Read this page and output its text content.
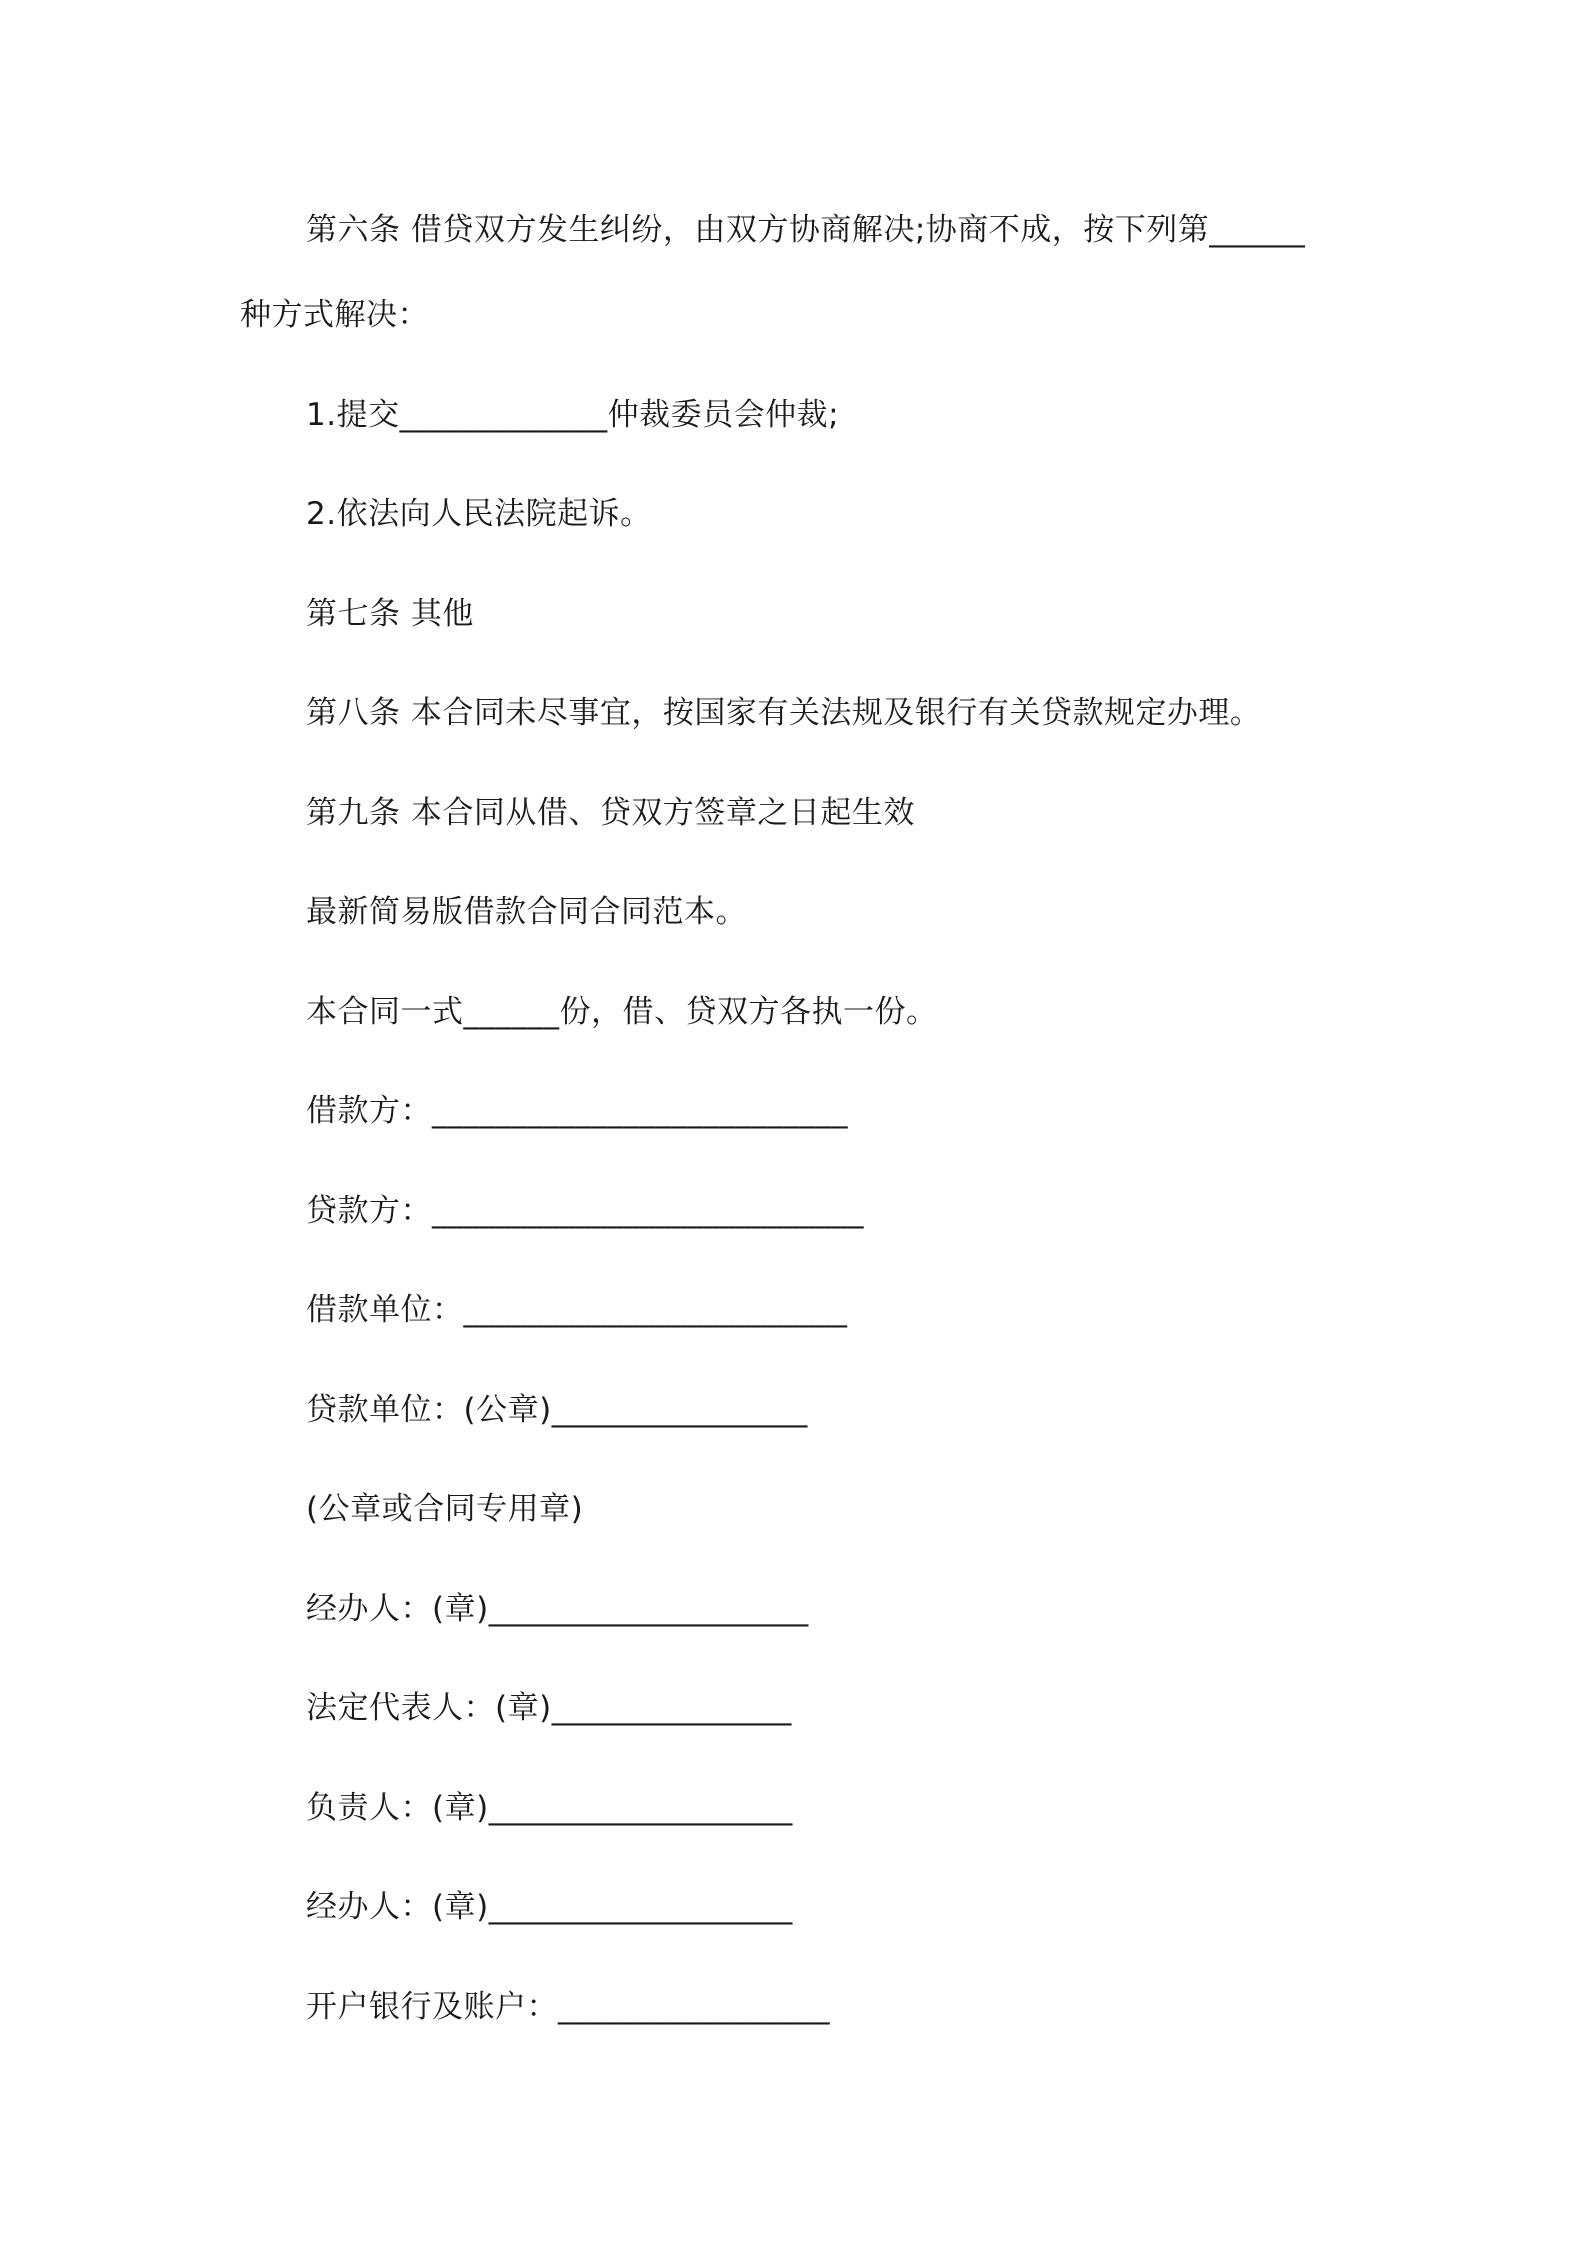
第六条 借贷双方发生纠纷，由双方协商解决;协商不成，按下列第______
种方式解决：
1.提交_____________仲裁委员会仲裁;
2.依法向人民法院起诉。
第七条 其他
第八条 本合同未尽事宜，按国家有关法规及银行有关贷款规定办理。
第九条 本合同从借、贷双方签章之日起生效
最新简易版借款合同合同范本。
本合同一式______份，借、贷双方各执一份。
借款方：__________________________
贷款方：___________________________
借款单位：________________________
贷款单位：(公章)________________
(公章或合同专用章)
经办人：(章)____________________
法定代表人：(章)_______________
负责人：(章)___________________
经办人：(章)___________________
开户银行及账户：_________________
